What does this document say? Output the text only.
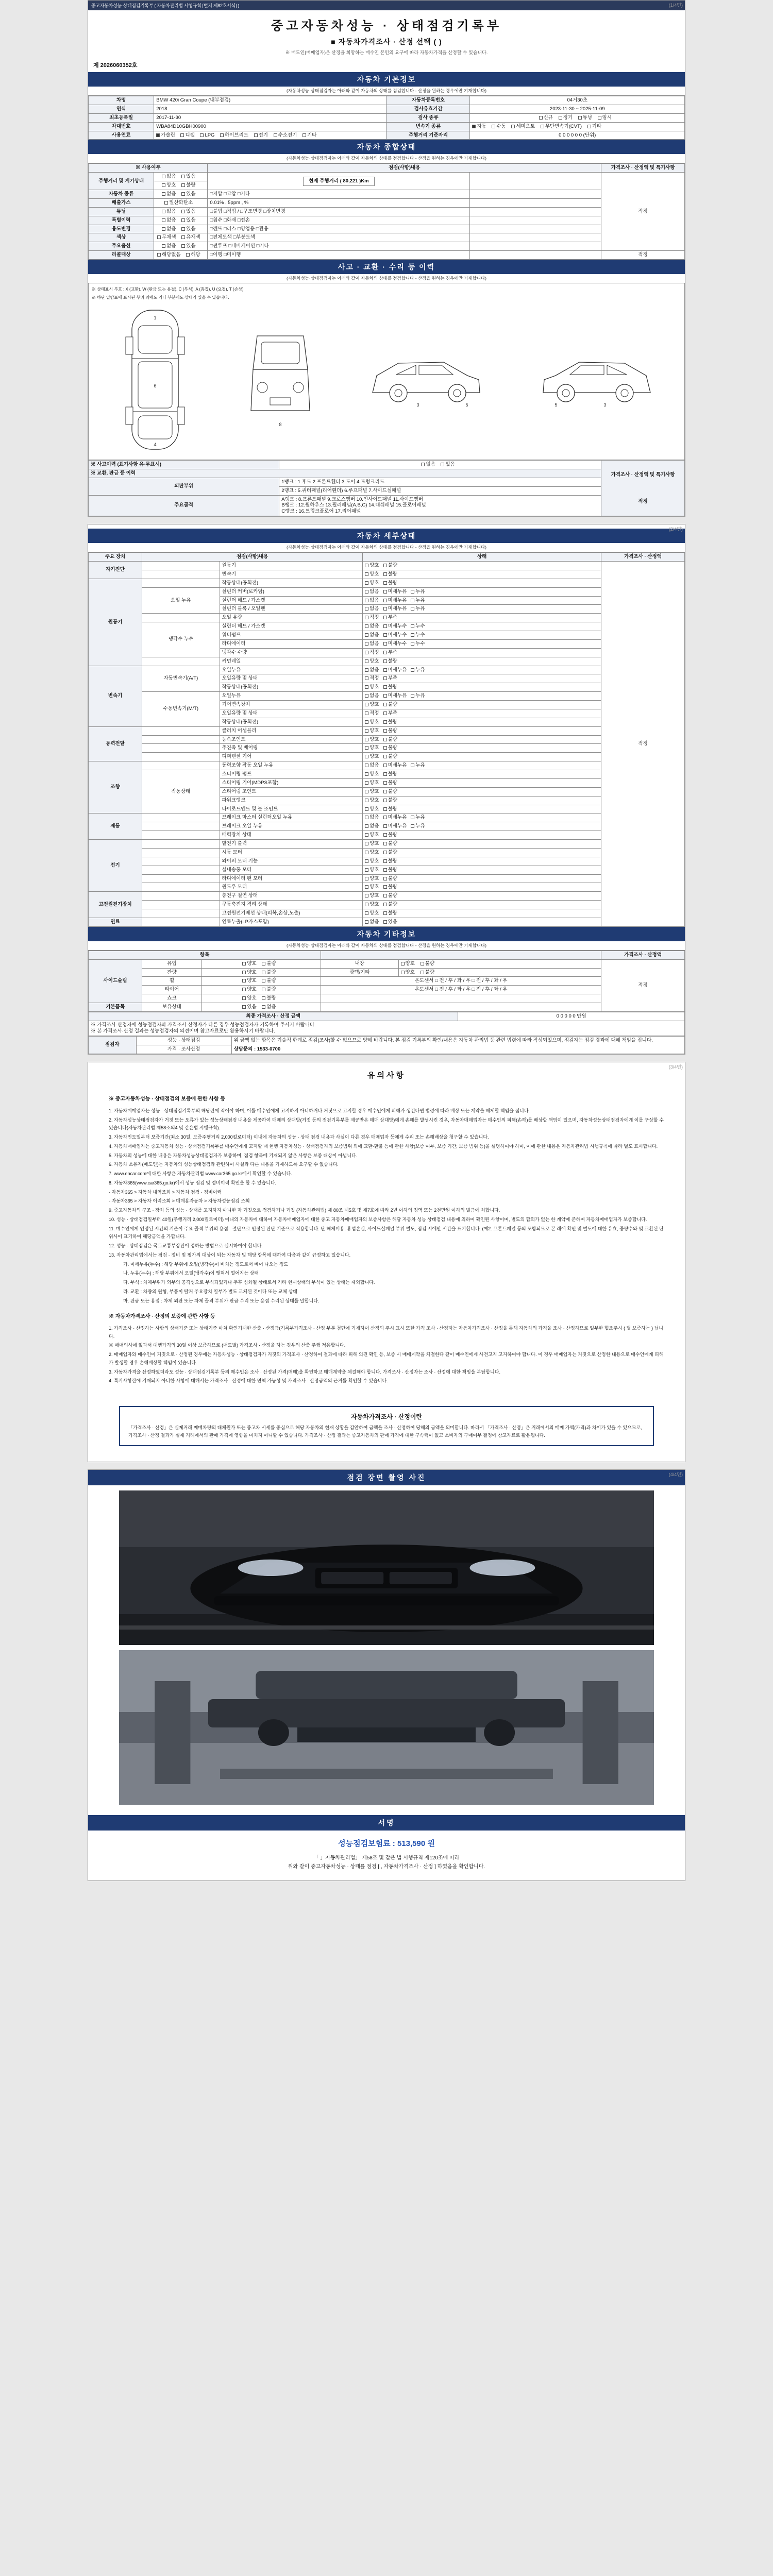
(1/4면)
중고자동차성능·상태점검기록부 ( 자동차관리법 시행규칙 [별지 제82호서식] )
중고자동차성능 · 상태점검기록부
■ 자동차가격조사 · 산정 선택 ( )
※ 매도인(매매업자)은 산정을 희망하는 매수인 본인의 요구에 따라 자동차가격을 산정할 수 있습니다.
제 2026060352호
자동차 기본정보
(자동차성능·상태점검자는 아래와 같이 자동차의 상태를 점검합니다 - 산정을 원하는 경우에만 기재합니다)
차명	BMW 420i Gran Coupe (내부점검)	자동차등록번호	04거30초
연식	2018	검사유효기간	2023-11-30 ~ 2025-11-09
최초등록일	2017-11-30	검사 종류	신규 정기 튜닝 임시
차대번호	WBA84D10GBH00900	변속기 종류	자동 수동 세미오토 무단변속기(CVT) 기타
사용연료	가솔린 디젤 LPG 하이브리드 전기 수소전기 기타	주행거리 기준자리	0 0 0 0 0 0 (단위)
자동차 종합상태
(자동차성능·상태점검자는 아래와 같이 자동차의 상태를 점검합니다 - 산정을 원하는 경우에만 기재합니다)
※ 사용여부		점검(사항)내용		가격조사 · 산정액 및 특기사항
주행거리 및 계기상태	없음 있음	현재 주행거리 ( 80,221 )Km		적정
	양호 불량			
자동차 종류	없음 있음	□저압 □고압 □기타		
배출가스	일산화탄소	0.01% , 5ppm , %		
튜닝	없음 있음	□불법 □적법 / □구조변경 □장치변경		
특별이력	없음 있음	□침수 □화재 □전손		
용도변경	없음 있음	□렌트 □리스 □영업용 □관용		
색상	무채색 유채색	□전체도색 □부분도색		
주요옵션	없음 있음	□썬루프 □네비게이션 □기타		
리콜대상	해당없음 해당	□이행 □미이행		적정
사고 · 교환 · 수리 등 이력
(자동차성능·상태점검자는 아래와 같이 자동차의 상태를 점검합니다 - 산정을 원하는 경우에만 기재합니다)
※ 상태표시 부호 : X (교환), W (판금 또는 용접), C (부식), A (흠집), U (요철), T (손상)
※ 하단 일람표에 표시된 부위 외에도 기타 부분에도 상태가 있을 수 있습니다.
1
6
4
8
3	5	3
5
※ 사고이력 (표기사항 유·무표시)	없음 있음	가격조사 · 산정액 및 특기사항
적정

※ 교환, 판금 등 이력		
외판부위	1랭크 : 1.후드 2.프론트휀더 3.도어 4.트렁크리드	
	2랭크 : 5.쿼터패널(리어휀더) 6.루프패널 7.사이드실패널	
주요골격	A랭크 : 8.프론트패널 9.크로스멤버 10.인사이드패널 11.사이드멤버
B랭크 : 12.휠하우스 13.필러패널(A,B,C) 14.대쉬패널 15.플로어패널
C랭크 : 16.트렁크플로어 17.리어패널	
(2/4면)
자동차 세부상태
(자동차성능·상태점검자는 아래와 같이 자동차의 상태를 점검합니다 - 산정을 원하는 경우에만 기재합니다)
주요 장치	점검(사항)내용		상태	가격조사 · 산정액
자기진단		원동기	양호 불량	적정
		변속기	양호 불량	
원동기		작동상태(공회전)	양호 불량	
	오일 누유	실린더 커버(로카암)	없음 미세누유 누유	
		실린더 헤드 / 가스켓	없음 미세누유 누유	
		실린더 블록 / 오일팬	없음 미세누유 누유	
		오일 유량	적정 부족	
	냉각수 누수	실린더 헤드 / 가스켓	없음 미세누수 누수	
		워터펌프	없음 미세누수 누수	
		라디에이터	없음 미세누수 누수	
		냉각수 수량	적정 부족	
		커먼레일	양호 불량	
변속기	자동변속기(A/T)	오일누유	없음 미세누유 누유	
		오일유량 및 상태	적정 부족	
		작동상태(공회전)	양호 불량	
	수동변속기(M/T)	오일누유	없음 미세누유 누유	
		기어변속장치	양호 불량	
		오일유량 및 상태	적정 부족	
		작동상태(공회전)	양호 불량	
동력전달		클러치 어셈블리	양호 불량	
		등속조인트	양호 불량	
		추진축 및 베어링	양호 불량	
		디퍼렌셜 기어	양호 불량	
조향		동력조향 작동 오일 누유	없음 미세누유 누유	
	작동상태	스티어링 펌프	양호 불량	
		스티어링 기어(MDPS포함)	양호 불량	
		스티어링 조인트	양호 불량	
		파워크랭크	양호 불량	
		타이로드엔드 및 볼 조인트	양호 불량	
제동		브레이크 마스터 실린더오일 누유	없음 미세누유 누유	
		브레이크 오일 누유	없음 미세누유 누유	
		배력장치 상태	양호 불량	
전기		발전기 출력	양호 불량	
		시동 모터	양호 불량	
		와이퍼 모터 기능	양호 불량	
		실내송풍 모터	양호 불량	
		라디에이터 팬 모터	양호 불량	
		윈도우 모터	양호 불량	
고전원전기장치		충전구 절연 상태	양호 불량	
		구동축전지 격리 상태	양호 불량	
		고전원전기배선 상태(피복,손상,노출)	양호 불량	
연료		연료누출(LP가스포함)	없음 있음	
자동차 기타정보
(자동차성능·상태점검자는 아래와 같이 자동차의 상태를 점검합니다 - 산정을 원하는 경우에만 기재합니다)
항목					가격조사 · 산정액
사이드슬립	유입	양호 불량	내장	양호 불량	적정
	잔량	양호 불량	광택/기타	양호 불량	
	휠	양호 불량	온도센서 □ 전 / 후 / 좌 / 우 □ 전 / 후 / 좌 / 우		
	타이어	양호 불량	온도센서 □ 전 / 후 / 좌 / 우 □ 전 / 후 / 좌 / 우		
	쇼크	양호 불량			
기본품목	보유상태	있음 없음			
최종 가격조사 · 산정 금액	0 0 0 0 0 만원

※ 가격조사·산정자에 성능점검자와 가격조사·산정자가 다른 경우 성능점검자가 기록하여 주시기 바랍니다.
※ 본 가격조사·산정 결과는 성능점검자의 의견이며 참고자료로만 활용하시기 바랍니다.
점검자	성능 · 상태점검	위 금액 없는 항목은 기술적 한계로 점검(조사)할 수 없으므로 양해 바랍니다. 본 점검 기록부의 확인/내용은 자동차 관리법 등 관련 법령에 따라 작성되었으며, 점검자는 점검 결과에 대해 책임을 집니다.
상담문의 : 1533-0700

가격 · 조사산정
(3/4면)
유의사항
※ 중고자동차성능 · 상태점검의 보증에 관한 사항 등

1. 자동차매매업자는 성능 · 상태점검기록부의 해당란에 적어야 하며, 이를 매수인에게 고지하지 아니하거나 거짓으로 고지할 경우 매수인에게 피해가 생긴다면 법령에 따라 배상 또는 계약을 해제할 책임을 집니다.

2. 자동차성능상태점검자가 거짓 또는 오류가 있는 성능상태점검 내용을 제공하여 매매의 상대방(거짓 등의 점검기록부를 제공받은 매매 상대방)에게 손해를 발생시킨 경우, 자동차매매업자는 매수인의 피해(손해)를 배상할 책임이 있으며, 자동차성능상태점검자에게 이를 구상할 수 있습니다(자동차관리법 제58조의4 및 같은법 시행규칙).

3. 자동차인도일부터 보증기간(최소 30일, 보증주행거리 2,000킬로미터) 이내에 자동차의 성능 · 상태 점검 내용과 사실이 다른 경우 매매업자 등에게 수리 또는 손해배상을 청구할 수 있습니다.

4. 자동차매매업자는 중고자동차 성능 · 상태점검기록부를 매수인에게 고지할 때 현행 자동차성능 · 상태점검자의 보증범위 외에 교환·환불 등에 관한 사항(보증 여부, 보증 기간, 보증 범위 등)을 설명하여야 하며, 이에 관한 내용은 자동차관리법 시행규칙에 따라 별도 표시합니다.

5. 자동차의 성능에 대한 내용은 자동차성능상태점검자가 보증하며, 점검 항목에 기재되지 않은 사항은 보증 대상이 아닙니다.

6. 자동차 소유자(매도인)는 자동차의 성능상태점검과 관련하여 사실과 다른 내용을 기재하도록 요구할 수 없습니다.

7. www.encar.com에 대한 사항은 자동차관리법 www.car365.go.kr에서 확인할 수 있습니다.

8. 자동차365(www.car365.go.kr)에서 성능 점검 및 정비이력 확인을 할 수 있습니다.

- 자동차365 > 자동차 내역조회 > 자동차 점검 · 정비이력

- 자동차365 > 자동차 이력조회 > 매매용자동차 > 자동차성능점검 조회

9. 중고자동차의 구조 · 장치 등의 성능 · 상태를 고지하지 아니한 자 거짓으로 점검하거나 거짓 (자동차관리법) 제 80조 제5호 및 제7호에 따라 2년 이하의 징역 또는 2천만원 이하의 벌금에 처합니다.

10. 성능 · 상태점검일부터 40일(주행거리 2,000킬로미터) 이내의 자동차에 대하여 자동차매매업자에 대한 중고 자동차매매업자의 보증사항은 해당 자동차 성능 상태점검 내용에 의하여 확인된 사항이며, 별도의 합의가 없는 한 계약에 준하여 자동차매매업자가 보증합니다.

11. 매수인에게 인정된 시간의 기준이 주요 골격 부위의 용접 · 절단으로 인정된 판단 기준으로 적용합니다. 단 해체비용, 휴업손실, 사이드실패널 부위 별도, 점검 시에만 시간을 표기합니다. (예2. 프론트패널 등의 포함되므로 본 래에 확인 및 별도에 대한 유효, 중량수와 및 교환된 단위사이 표기하여 해당금액을 가합니다.

12. 성능 · 상태점검은 국토교통부장관이 정하는 방법으로 실시하여야 합니다.

13. 자동차관리법에서는 점검 · 정비 및 평가의 대상이 되는 자동차 및 해당 항목에 대하여 다음과 같이 규정하고 있습니다.

가. 미세누유(누수) : 해당 부위에 오일(냉각수)이 비치는 정도로서 베어 나오는 정도

나. 누유(누수) : 해당 부위에서 오일(냉각수)이 맺혀서 떨어지는 상태

다. 부식 : 차체부위가 외부의 공격성으로 부식되었거나 추후 심화될 상태로서 기타 현재상태의 부식이 있는 상태는 제외합니다.

라. 교환 : 차량의 원형, 부품이 탈거 주요장치 일부가 별도 교체된 것이다 또는 교체 상태

마. 판금 또는 용접 : 차체 외판 또는 차체 골격 부위가 판금 수리 또는 용접 수리된 상태를 말합니다.

※ 자동차가격조사 · 산정의 보증에 관한 사항 등

1. 가격조사 · 산정하는 사항의 상태기준 또는 상태기준 마쳐 확인기재한 산출 · 산정금(기록부가격조사 · 산정 부분 첨단에 기재하여 산정되 주시 표시 또한 가격 조사 · 산정자는 자동차가격조사 · 산정을 통해 자동차의 가격을 조사 · 산정하므로 일부한 협조주시 ( 별 보증하는 ) 닙니다.

※ 매매의사에 없과서 대행가격의 30일 이상 보증하므로 (매도별) 가격조사 · 산정을 하는 경우의 산출 주행 적용합니다.

2. 매매업자와 매수인이 거짓으로 · 산정된 경우에는 자동차성능 · 상태점검자가 거짓의 가격조사 · 산정하여 결과에 따라 피해 의견 확인 등, 보증 시 매매계약을 체결한다 같이 매수인에게 사전고지 고지하여야 합니다. 이 경우 매매업자는 거짓으로 산정한 내용으로 매수인에게 피해가 발생할 경우 손해배상할 책임이 있습니다.

3. 자동차가격을 산정하였더라도 성능 · 상태점검기록부 등의 매수인은 조사 · 산정된 가격(매매)을 확인하고 매매계약을 체결해야 합니다. 가격조사 · 산정자는 조사 · 산정에 대한 책임을 부담합니다.

4. 특기사항란에 기재되지 아니한 사항에 대해서는 가격조사 · 산정에 대한 면책 가능성 및 가격조사 · 산정금액의 근거를 확인할 수 있습니다.

자동차가격조사 · 산정이란
「가격조사 · 산정」은 실제거래 매매차량의 대체원가 또는 중고차 시세를 중심으로 해당 자동차의 현재 상황을 감안하여 금액을 조사 · 산정하여 당해의 금액을 의미합니다. 따라서 「가격조사 · 산정」은 거래에서의 매매 가액(가격)과 차이가 있을 수 있으므로, 가격조사 · 산정 결과가 실제 거래에서의 판매 가격에 영향을 미치지 아니할 수 있습니다. 가격조사 · 산정 결과는 중고자동차의 판매 가격에 대한 구속력이 없고 소비자의 구매여부 결정에 참고자료로 활용됩니다.
(4/4면)
점검 장면 촬영 사진
서명
성능점검보험료 : 513,590 원
「 」자동차관리법」 제58조 및 같은 법 시행규칙 제120조에 따라
위와 같이 중고자동차성능 · 상태를 점검 [ , 자동차가격조사 · 산정 ] 하였음을 확인합니다.
